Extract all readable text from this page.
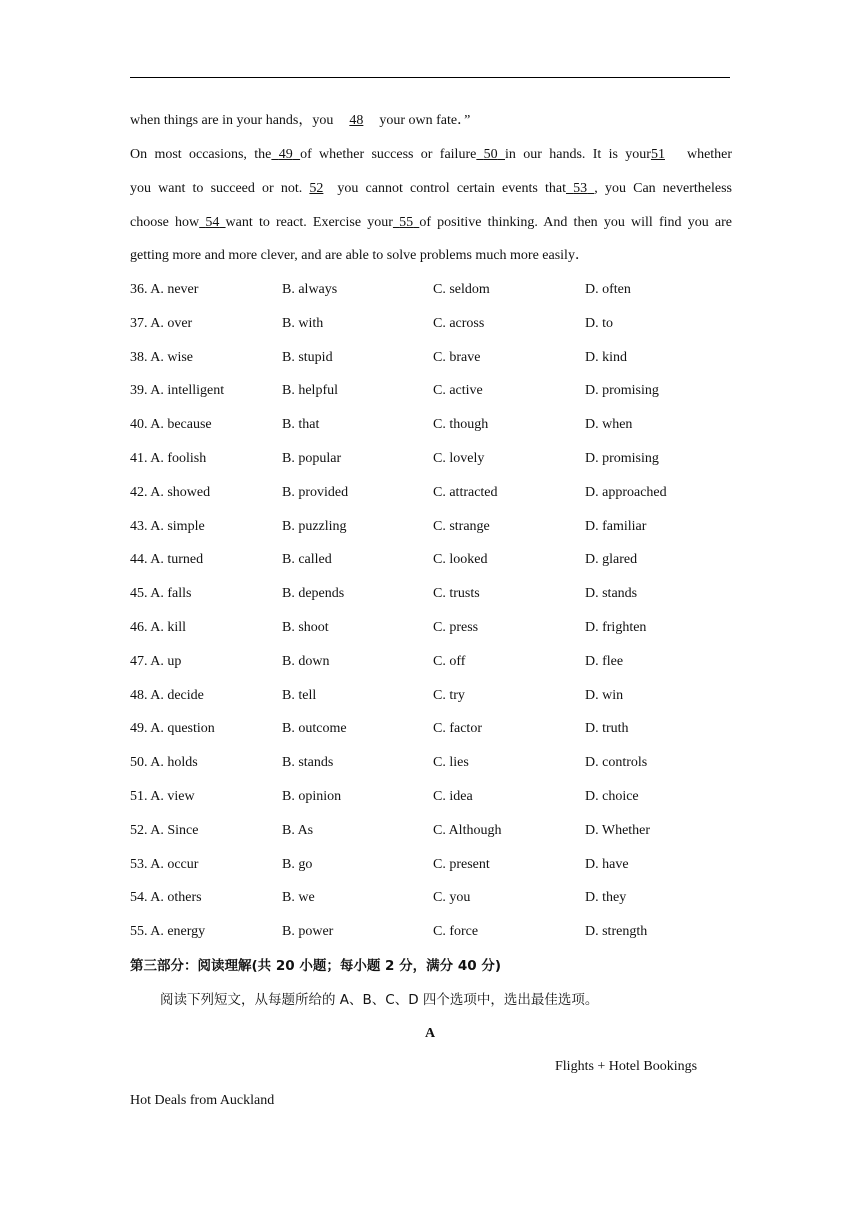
when things are in your hands，you 48 your own fate．”
On most occasions, the 49 of whether success or failure 50 in our hands. It is your51 whether
you want to succeed or not. 52 you cannot control certain events that 53 , you Can nevertheless
choose how 54 want to react. Exercise your 55 of positive thinking. And then you will find you are
getting more and more clever, and are able to solve problems much more easily．
36. A. never	B. always	C. seldom	D. often
37. A. over	B. with	C. across	D. to
38. A. wise	B. stupid	C. brave	D. kind
39. A. intelligent	B. helpful	C. active	D. promising
40. A. because	B. that	C. though	D. when
41. A. foolish	B. popular	C. lovely	D. promising
42. A. showed	B. provided	C. attracted	D. approached
43. A. simple	B. puzzling	C. strange	D. familiar
44. A. turned	B. called	C. looked	D. glared
45. A. falls	B. depends	C. trusts	D. stands
46. A. kill	B. shoot	C. press	D. frighten
47. A. up	B. down	C. off	D. flee
48. A. decide	B. tell	C. try	D. win
49. A. question	B. outcome	C. factor	D. truth
50. A. holds	B. stands	C. lies	D. controls
51. A. view	B. opinion	C. idea	D. choice
52. A. Since	B. As	C. Although	D. Whether
53. A. occur	B. go	C. present	D. have
54. A. others	B. we	C. you	D. they
55. A. energy	B. power	C. force	D. strength
第三部分：阅读理解(共 20 小题；每小题 2 分，满分 40 分)
阅读下列短文，从每题所给的 A、B、C、D 四个选项中，选出最佳选项。
A
Flights + Hotel Bookings
Hot Deals from Auckland
